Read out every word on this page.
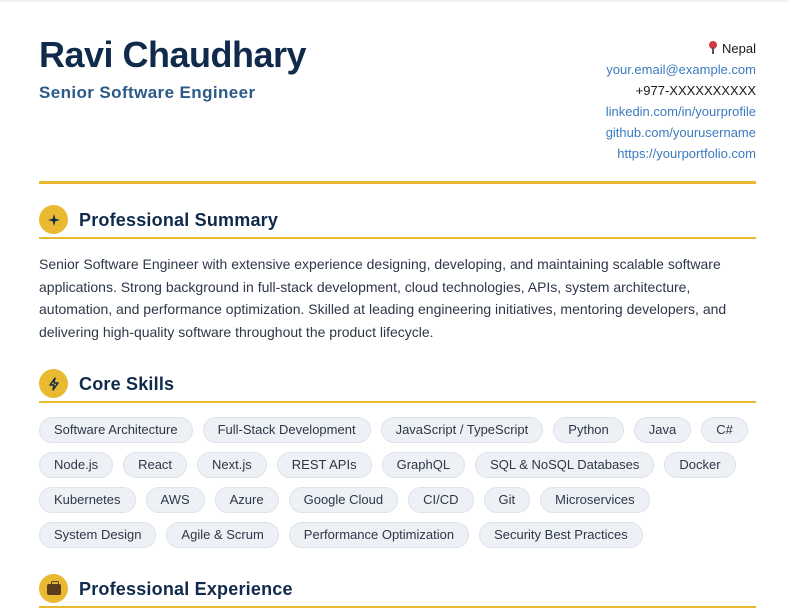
Ravi Chaudhary
Senior Software Engineer
Nepal
your.email@example.com
+977-XXXXXXXXXX
linkedin.com/in/yourprofile
github.com/yourusername
https://yourportfolio.com
Professional Summary
Senior Software Engineer with extensive experience designing, developing, and maintaining scalable software applications. Strong background in full-stack development, cloud technologies, APIs, system architecture, automation, and performance optimization. Skilled at leading engineering initiatives, mentoring developers, and delivering high-quality software throughout the product lifecycle.
Core Skills
Software Architecture	Full-Stack Development	JavaScript / TypeScript	Python	Java	C#
Node.js	React	Next.js	REST APIs	GraphQL	SQL & NoSQL Databases	Docker
Kubernetes	AWS	Azure	Google Cloud	CI/CD	Git	Microservices
System Design	Agile & Scrum	Performance Optimization	Security Best Practices
Professional Experience
